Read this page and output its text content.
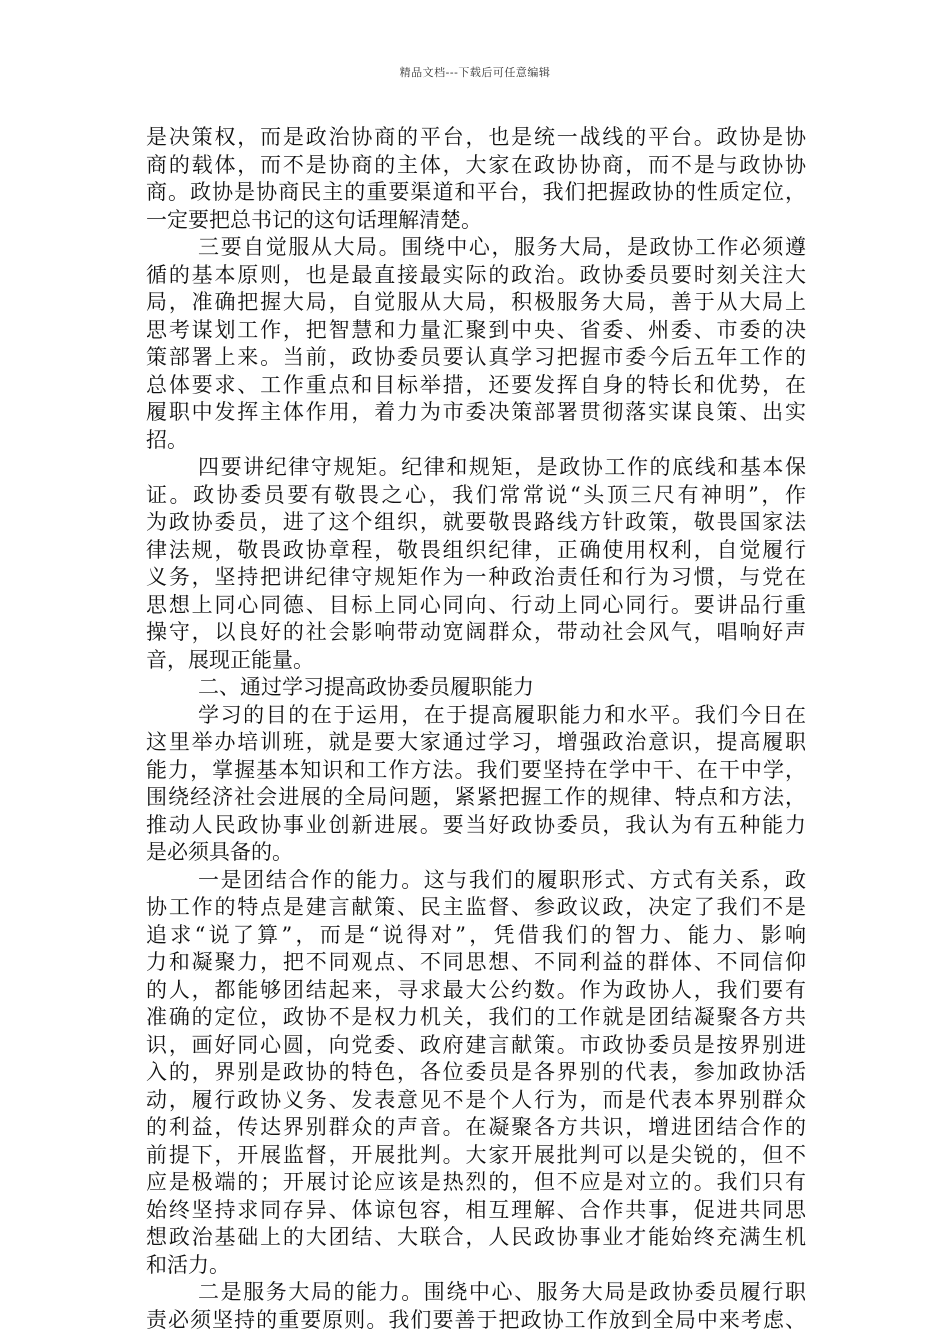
精品文档---下载后可任意编辑
是决策权，而是政治协商的平台，也是统一战线的平台。政协是协
商的载体，而不是协商的主体，大家在政协协商，而不是与政协协
商。政协是协商民主的重要渠道和平台，我们把握政协的性质定位，
一定要把总书记的这句话理解清楚。
三要自觉服从大局。围绕中心，服务大局，是政协工作必须遵
循的基本原则，也是最直接最实际的政治。政协委员要时刻关注大
局，准确把握大局，自觉服从大局，积极服务大局，善于从大局上
思考谋划工作，把智慧和力量汇聚到中央、省委、州委、市委的决
策部署上来。当前，政协委员要认真学习把握市委今后五年工作的
总体要求、工作重点和目标举措，还要发挥自身的特长和优势，在
履职中发挥主体作用，着力为市委决策部署贯彻落实谋良策、出实
招。
四要讲纪律守规矩。纪律和规矩，是政协工作的底线和基本保
证。政协委员要有敬畏之心，我们常常说“头顶三尺有神明”，作
为政协委员，进了这个组织，就要敬畏路线方针政策，敬畏国家法
律法规，敬畏政协章程，敬畏组织纪律，正确使用权利，自觉履行
义务，坚持把讲纪律守规矩作为一种政治责任和行为习惯，与党在
思想上同心同德、目标上同心同向、行动上同心同行。要讲品行重
操守，以良好的社会影响带动宽阔群众，带动社会风气，唱响好声
音，展现正能量。
二、通过学习提高政协委员履职能力
学习的目的在于运用，在于提高履职能力和水平。我们今日在
这里举办培训班，就是要大家通过学习，增强政治意识，提高履职
能力，掌握基本知识和工作方法。我们要坚持在学中干、在干中学，
围绕经济社会进展的全局问题，紧紧把握工作的规律、特点和方法，
推动人民政协事业创新进展。要当好政协委员，我认为有五种能力
是必须具备的。
一是团结合作的能力。这与我们的履职形式、方式有关系，政
协工作的特点是建言献策、民主监督、参政议政，决定了我们不是
追求“说了算”，而是“说得对”，凭借我们的智力、能力、影响
力和凝聚力，把不同观点、不同思想、不同利益的群体、不同信仰
的人，都能够团结起来，寻求最大公约数。作为政协人，我们要有
准确的定位，政协不是权力机关，我们的工作就是团结凝聚各方共
识，画好同心圆，向党委、政府建言献策。市政协委员是按界别进
入的，界别是政协的特色，各位委员是各界别的代表，参加政协活
动，履行政协义务、发表意见不是个人行为，而是代表本界别群众
的利益，传达界别群众的声音。在凝聚各方共识，增进团结合作的
前提下，开展监督，开展批判。大家开展批判可以是尖锐的，但不
应是极端的；开展讨论应该是热烈的，但不应是对立的。我们只有
始终坚持求同存异、体谅包容，相互理解、合作共事，促进共同思
想政治基础上的大团结、大联合，人民政协事业才能始终充满生机
和活力。
二是服务大局的能力。围绕中心、服务大局是政协委员履行职
责必须坚持的重要原则。我们要善于把政协工作放到全局中来考虑、
